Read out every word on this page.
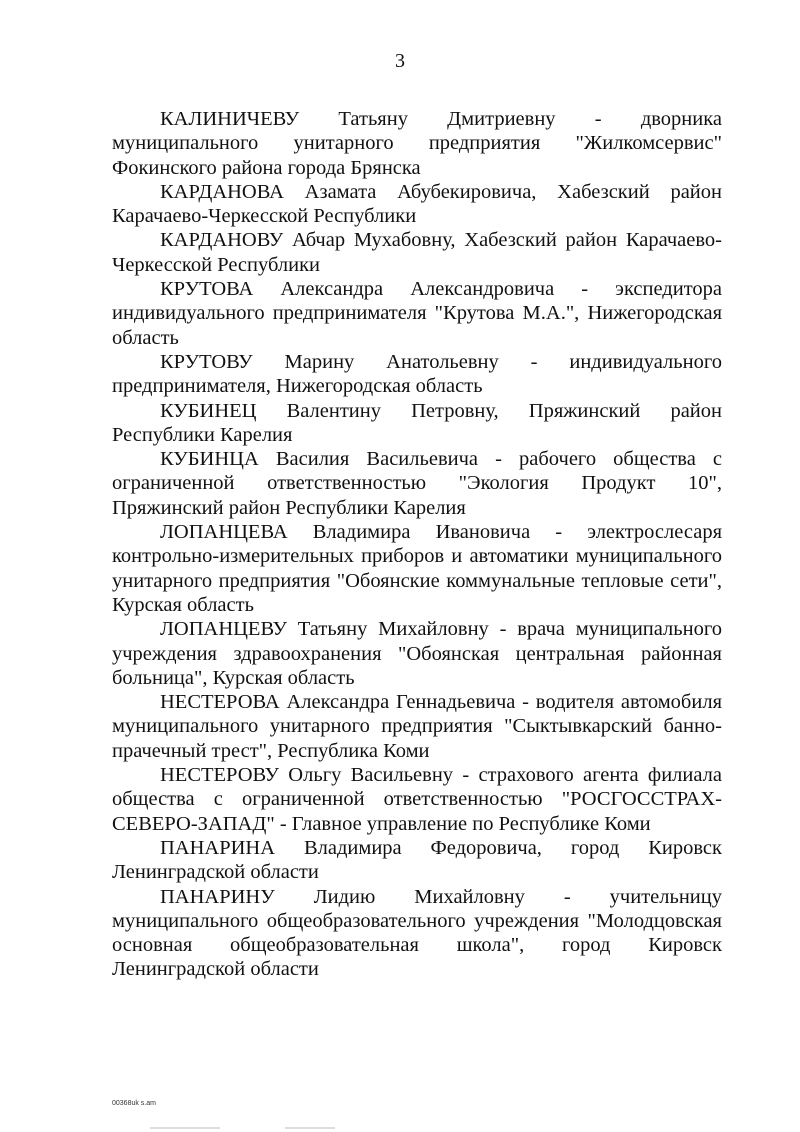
3

КАЛИНИЧЕВУ Татьяну Дмитриевну - дворника муниципального унитарного предприятия "Жилкомсервис" Фокинского района города Брянска

КАРДАНОВА Азамата Абубекировича, Хабезский район Карачаево-Черкесской Республики

КАРДАНОВУ Абчар Мухабовну, Хабезский район Карачаево-Черкесской Республики

КРУТОВА Александра Александровича - экспедитора индивидуального предпринимателя "Крутова М.А.", Нижегородская область

КРУТОВУ Марину Анатольевну - индивидуального предпринимателя, Нижегородская область

КУБИНЕЦ Валентину Петровну, Пряжинский район Республики Карелия

КУБИНЦА Василия Васильевича - рабочего общества с ограниченной ответственностью "Экология Продукт 10", Пряжинский район Республики Карелия

ЛОПАНЦЕВА Владимира Ивановича - электрослесаря контрольно-измерительных приборов и автоматики муниципального унитарного предприятия "Обоянские коммунальные тепловые сети", Курская область

ЛОПАНЦЕВУ Татьяну Михайловну - врача муниципального учреждения здравоохранения "Обоянская центральная районная больница", Курская область

НЕСТЕРОВА Александра Геннадьевича - водителя автомобиля муниципального унитарного предприятия "Сыктывкарский банно-прачечный трест", Республика Коми

НЕСТЕРОВУ Ольгу Васильевну - страхового агента филиала общества с ограниченной ответственностью "РОСГОССТРАХ-СЕВЕРО-ЗАПАД" - Главное управление по Республике Коми

ПАНАРИНА Владимира Федоровича, город Кировск Ленинградской области

ПАНАРИНУ Лидию Михайловну - учительницу муниципального общеобразовательного учреждения "Молодцовская основная общеобразовательная школа", город Кировск Ленинградской области

00368uk s.am
